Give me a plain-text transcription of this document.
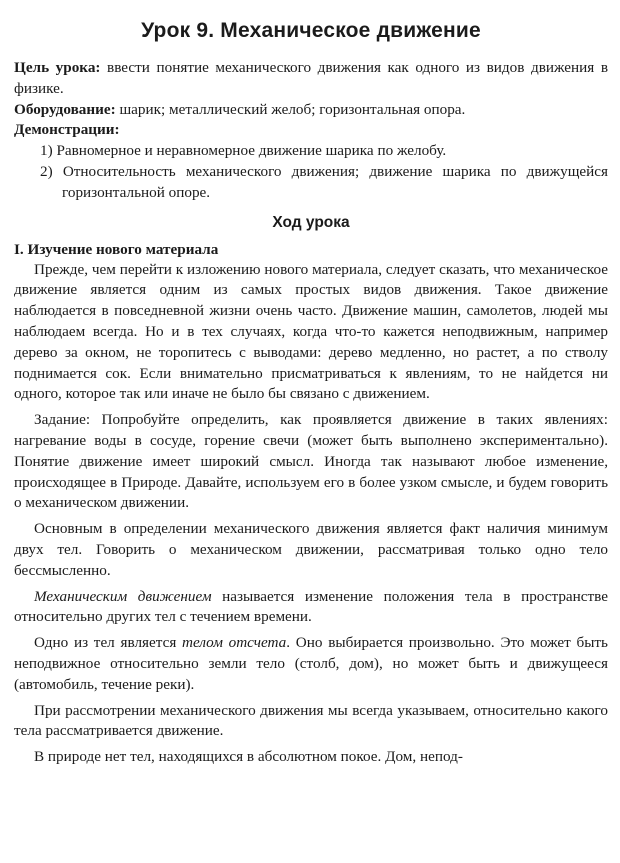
Урок 9. Механическое движение

Цель урока: ввести понятие механического движения как одного из видов движения в физике.

Оборудование: шарик; металлический желоб; горизонтальная опора.

Демонстрации:

1) Равномерное и неравномерное движение шарика по желобу.
2) Относительность механического движения; движение шарика по движущейся горизонтальной опоре.
Ход урока
I. Изучение нового материала

Прежде, чем перейти к изложению нового материала, следует сказать, что механическое движение является одним из самых простых видов движения. Такое движение наблюдается в повседневной жизни очень часто. Движение машин, самолетов, людей мы наблюдаем всегда. Но и в тех случаях, когда что-то кажется неподвижным, например дерево за окном, не торопитесь с выводами: дерево медленно, но растет, а по стволу поднимается сок. Если внимательно присматриваться к явлениям, то не найдется ни одного, которое так или иначе не было бы связано с движением.

Задание: Попробуйте определить, как проявляется движение в таких явлениях: нагревание воды в сосуде, горение свечи (может быть выполнено экспериментально). Понятие движение имеет широкий смысл. Иногда так называют любое изменение, происходящее в Природе. Давайте, используем его в более узком смысле, и будем говорить о механическом движении.

Основным в определении механического движения является факт наличия минимум двух тел. Говорить о механическом движении, рассматривая только одно тело бессмысленно.

Механическим движением называется изменение положения тела в пространстве относительно других тел с течением времени.

Одно из тел является телом отсчета. Оно выбирается произвольно. Это может быть неподвижное относительно земли тело (столб, дом), но может быть и движущееся (автомобиль, течение реки).

При рассмотрении механического движения мы всегда указываем, относительно какого тела рассматривается движение.

В природе нет тел, находящихся в абсолютном покое. Дом, непод-
